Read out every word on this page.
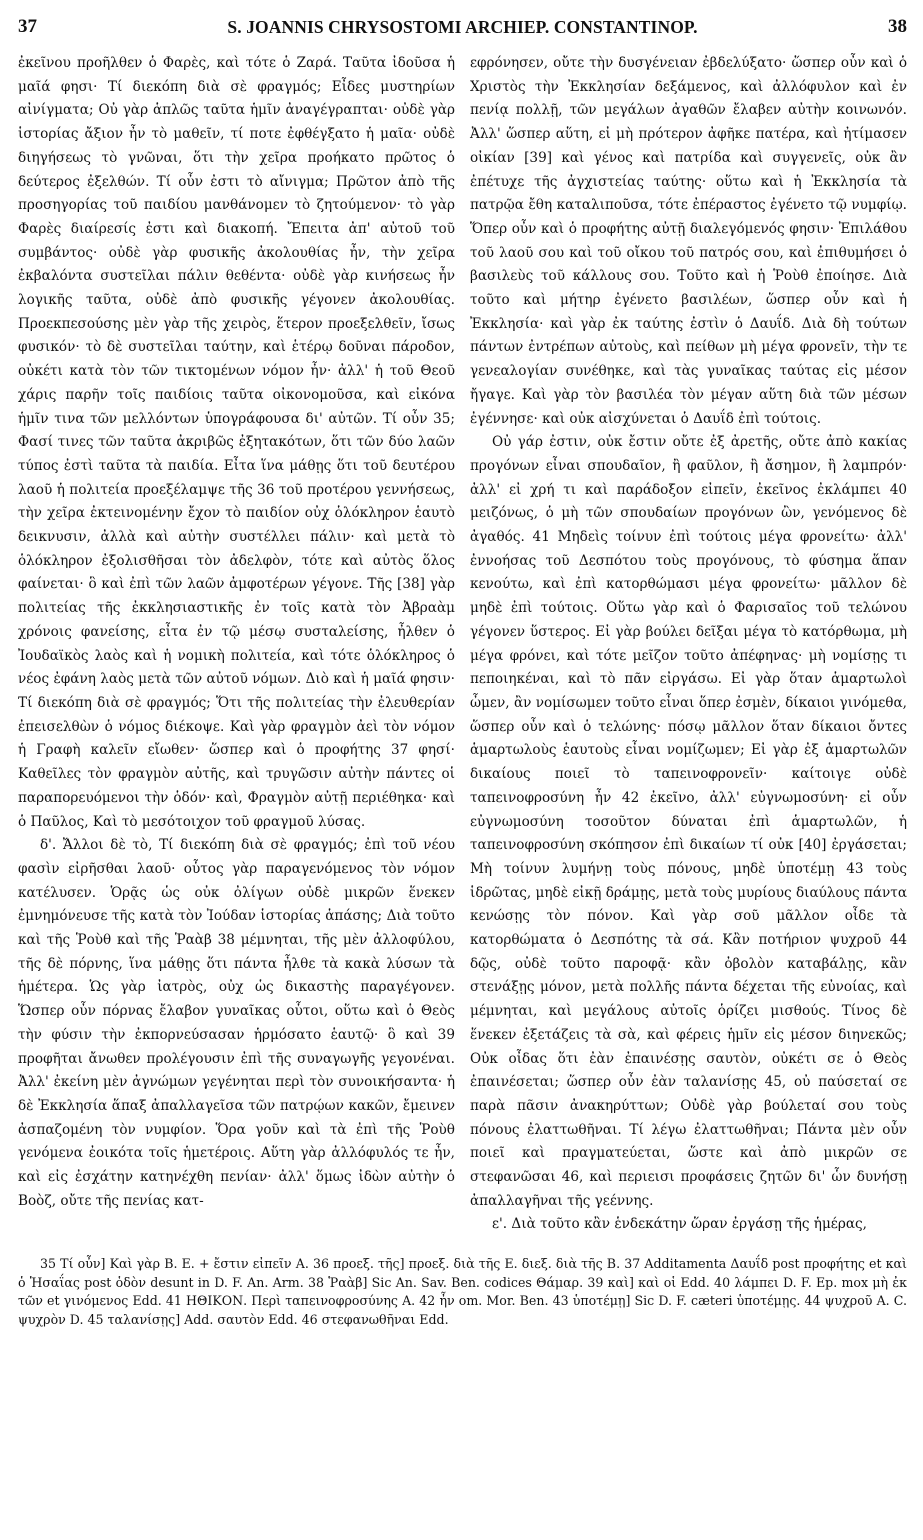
37	S. JOANNIS CHRYSOSTOMI ARCHIEP. CONSTANTINOP.	38

ἐκεῖνου προῆλθεν ὁ Φαρὲς, καὶ τότε ὁ Ζαρά. Ταῦτα ἰδοῦσα ἡ μαῖά φησι· Τί διεκόπη διὰ σὲ φραγμός; Εἶδες μυστηρίων αἰνίγματα; Οὐ γὰρ ἁπλῶς ταῦτα ἡμῖν ἀναγέγραπται· οὐδὲ γὰρ ἱστορίας ἄξιον ἦν τὸ μαθεῖν, τί ποτε ἐφθέγξατο ἡ μαῖα· οὐδὲ διηγήσεως τὸ γνῶναι, ὅτι τὴν χεῖρα προήκατο πρῶτος ὁ δεύτερος ἐξελθών. Τί οὖν ἐστι τὸ αἴνιγμα; Πρῶτον ἀπὸ τῆς προσηγορίας τοῦ παιδίου μανθάνομεν τὸ ζητούμενον· τὸ γὰρ Φαρὲς διαίρεσίς ἐστι καὶ διακοπή. Ἔπειτα ἀπ' αὐτοῦ τοῦ συμβάντος· οὐδὲ γὰρ φυσικῆς ἀκολουθίας ἦν, τὴν χεῖρα ἐκβαλόντα συστεῖλαι πάλιν θεθέντα· οὐδὲ γὰρ κινήσεως ἦν λογικῆς ταῦτα, οὐδὲ ἀπὸ φυσικῆς γέγονεν ἀκολουθίας. Προεκπεσούσης μὲν γὰρ τῆς χειρὸς, ἕτερον προεξελθεῖν, ἴσως φυσικόν· τὸ δὲ συστεῖλαι ταύτην, καὶ ἑτέρῳ δοῦναι πάροδον, οὐκέτι κατὰ τὸν τῶν τικτομένων νόμον ἦν· ἀλλ' ἡ τοῦ Θεοῦ χάρις παρῆν τοῖς παιδίοις ταῦτα οἰκονομοῦσα, καὶ εἰκόνα ἡμῖν τινα τῶν μελλόντων ὑπογράφουσα δι' αὐτῶν. Τί οὖν 35; Φασί τινες τῶν ταῦτα ἀκριβῶς ἐξητακότων, ὅτι τῶν δύο λαῶν τύπος ἐστὶ ταῦτα τὰ παιδία. Εἶτα ἵνα μάθῃς ὅτι τοῦ δευτέρου λαοῦ ἡ πολιτεία προεξέλαμψε τῆς 36 τοῦ προτέρου γεννήσεως, τὴν χεῖρα ἐκτεινομένην ἔχον τὸ παιδίον οὐχ ὁλόκληρον ἑαυτὸ δεικνυσιν, ἀλλὰ καὶ αὐτὴν συστέλλει πάλιν· καὶ μετὰ τὸ ὁλόκληρον ἐξολισθῆσαι τὸν ἀδελφὸν, τότε καὶ αὐτὸς ὅλος φαίνεται· ὃ καὶ ἐπὶ τῶν λαῶν ἀμφοτέρων γέγονε. Τῆς [38] γὰρ πολιτείας τῆς ἐκκλησιαστικῆς ἐν τοῖς κατὰ τὸν Ἀβραὰμ χρόνοις φανείσης, εἶτα ἐν τῷ μέσῳ συσταλείσης, ἦλθεν ὁ Ἰουδαϊκὸς λαὸς καὶ ἡ νομικὴ πολιτεία, καὶ τότε ὁλόκληρος ὁ νέος ἐφάνη λαὸς μετὰ τῶν αὐτοῦ νόμων. Διὸ καὶ ἡ μαῖά φησιν· Τί διεκόπη διὰ σὲ φραγμός; Ὅτι τῆς πολιτείας τὴν ἐλευθερίαν ἐπεισελθὼν ὁ νόμος διέκοψε. Καὶ γὰρ φραγμὸν ἀεὶ τὸν νόμον ἡ Γραφὴ καλεῖν εἴωθεν· ὥσπερ καὶ ὁ προφήτης 37 φησί· Καθεῖλες τὸν φραγμὸν αὐτῆς, καὶ τρυγῶσιν αὐτὴν πάντες οἱ παραπορευόμενοι τὴν ὁδόν· καὶ, Φραγμὸν αὐτῇ περιέθηκα· καὶ ὁ Παῦλος, Καὶ τὸ μεσότοιχον τοῦ φραγμοῦ λύσας.

δ'. Ἄλλοι δὲ τὸ, Τί διεκόπη διὰ σὲ φραγμός; ἐπὶ τοῦ νέου φασὶν εἰρῆσθαι λαοῦ· οὗτος γὰρ παραγενόμενος τὸν νόμον κατέλυσεν. Ὁρᾷς ὡς οὐκ ὀλίγων οὐδὲ μικρῶν ἕνεκεν ἐμνημόνευσε τῆς κατὰ τὸν Ἰούδαν ἱστορίας ἁπάσης; Διὰ τοῦτο καὶ τῆς Ῥοὺθ καὶ τῆς Ῥαὰβ 38 μέμνηται, τῆς μὲν ἀλλοφύλου, τῆς δὲ πόρνης, ἵνα μάθῃς ὅτι πάντα ἦλθε τὰ κακὰ λύσων τὰ ἡμέτερα. Ὡς γὰρ ἰατρὸς, οὐχ ὡς δικαστὴς παραγέγονεν. Ὥσπερ οὖν πόρνας ἔλαβον γυναῖκας οὗτοι, οὕτω καὶ ὁ Θεὸς τὴν φύσιν τὴν ἐκπορνεύσασαν ἡρμόσατο ἑαυτῷ· ὃ καὶ 39 προφῆται ἄνωθεν προλέγουσιν ἐπὶ τῆς συναγωγῆς γεγονέναι. Ἀλλ' ἐκείνη μὲν ἀγνώμων γεγένηται περὶ τὸν συνοικήσαντα· ἡ δὲ Ἐκκλησία ἅπαξ ἀπαλλαγεῖσα τῶν πατρῴων κακῶν, ἔμεινεν ἀσπαζομένη τὸν νυμφίον. Ὅρα γοῦν καὶ τὰ ἐπὶ τῆς Ῥοὺθ γενόμενα ἐοικότα τοῖς ἡμετέροις. Αὕτη γὰρ ἀλλόφυλός τε ἦν, καὶ εἰς ἐσχάτην κατηνέχθη πενίαν· ἀλλ' ὅμως ἰδὼν αὐτὴν ὁ Βοὸζ, οὔτε τῆς πενίας κατ-

εφρόνησεν, οὔτε τὴν δυσγένειαν ἐβδελύξατο· ὥσπερ οὖν καὶ ὁ Χριστὸς τὴν Ἐκκλησίαν δεξάμενος, καὶ ἀλλόφυλον καὶ ἐν πενίᾳ πολλῇ, τῶν μεγάλων ἀγαθῶν ἔλαβεν αὐτὴν κοινωνόν. Ἀλλ' ὥσπερ αὕτη, εἰ μὴ πρότερον ἀφῆκε πατέρα, καὶ ἠτίμασεν οἰκίαν [39] καὶ γένος καὶ πατρίδα καὶ συγγενεῖς, οὐκ ἂν ἐπέτυχε τῆς ἀγχιστείας ταύτης· οὕτω καὶ ἡ Ἐκκλησία τὰ πατρῷα ἔθη καταλιποῦσα, τότε ἐπέραστος ἐγένετο τῷ νυμφίῳ. Ὅπερ οὖν καὶ ὁ προφήτης αὐτῇ διαλεγόμενός φησιν· Ἐπιλάθου τοῦ λαοῦ σου καὶ τοῦ οἴκου τοῦ πατρός σου, καὶ ἐπιθυμήσει ὁ βασιλεὺς τοῦ κάλλους σου. Τοῦτο καὶ ἡ Ῥοὺθ ἐποίησε. Διὰ τοῦτο καὶ μήτηρ ἐγένετο βασιλέων, ὥσπερ οὖν καὶ ἡ Ἐκκλησία· καὶ γὰρ ἐκ ταύτης ἐστὶν ὁ Δαυΐδ. Διὰ δὴ τούτων πάντων ἐντρέπων αὐτοὺς, καὶ πείθων μὴ μέγα φρονεῖν, τὴν τε γενεαλογίαν συνέθηκε, καὶ τὰς γυναῖκας ταύτας εἰς μέσον ἤγαγε. Καὶ γὰρ τὸν βασιλέα τὸν μέγαν αὕτη διὰ τῶν μέσων ἐγέννησε· καὶ οὐκ αἰσχύνεται ὁ Δαυΐδ ἐπὶ τούτοις.

Οὐ γάρ ἐστιν, οὐκ ἔστιν οὔτε ἐξ ἀρετῆς, οὔτε ἀπὸ κακίας προγόνων εἶναι σπουδαῖον, ἢ φαῦλον, ἢ ἄσημον, ἢ λαμπρόν· ἀλλ' εἰ χρή τι καὶ παράδοξον εἰπεῖν, ἐκεῖνος ἐκλάμπει 40 μειζόνως, ὁ μὴ τῶν σπουδαίων προγόνων ὢν, γενόμενος δὲ ἀγαθός. 41 Μηδεὶς τοίνυν ἐπὶ τούτοις μέγα φρονείτω· ἀλλ' ἐννοήσας τοῦ Δεσπότου τοὺς προγόνους, τὸ φύσημα ἅπαν κενούτω, καὶ ἐπὶ κατορθώμασι μέγα φρονείτω· μᾶλλον δὲ μηδὲ ἐπὶ τούτοις. Οὕτω γὰρ καὶ ὁ Φαρισαῖος τοῦ τελώνου γέγονεν ὕστερος. Εἰ γὰρ βούλει δεῖξαι μέγα τὸ κατόρθωμα, μὴ μέγα φρόνει, καὶ τότε μεῖζον τοῦτο ἀπέφηνας· μὴ νομίσῃς τι πεποιηκέναι, καὶ τὸ πᾶν εἰργάσω. Εἰ γὰρ ὅταν ἁμαρτωλοὶ ὦμεν, ἂν νομίσωμεν τοῦτο εἶναι ὅπερ ἐσμὲν, δίκαιοι γινόμεθα, ὥσπερ οὖν καὶ ὁ τελώνης· πόσῳ μᾶλλον ὅταν δίκαιοι ὄντες ἁμαρτωλοὺς ἑαυτοὺς εἶναι νομίζωμεν; Εἰ γὰρ ἐξ ἁμαρτωλῶν δικαίους ποιεῖ τὸ ταπεινοφρονεῖν· καίτοιγε οὐδὲ ταπεινοφροσύνη ἦν 42 ἐκεῖνο, ἀλλ' εὐγνωμοσύνη· εἰ οὖν εὐγνωμοσύνη τοσοῦτον δύναται ἐπὶ ἁμαρτωλῶν, ἡ ταπεινοφροσύνη σκόπησον ἐπὶ δικαίων τί οὐκ [40] ἐργάσεται; Μὴ τοίνυν λυμήνῃ τοὺς πόνους, μηδὲ ὑποτέμῃ 43 τοὺς ἱδρῶτας, μηδὲ εἰκῇ δράμῃς, μετὰ τοὺς μυρίους διαύλους πάντα κενώσῃς τὸν πόνον. Καὶ γὰρ σοῦ μᾶλλον οἶδε τὰ κατορθώματα ὁ Δεσπότης τὰ σά. Κἂν ποτήριον ψυχροῦ 44 δῷς, οὐδὲ τοῦτο παροφᾷ· κἂν ὀβολὸν καταβάλῃς, κἂν στενάξῃς μόνον, μετὰ πολλῆς πάντα δέχεται τῆς εὐνοίας, καὶ μέμνηται, καὶ μεγάλους αὐτοῖς ὁρίζει μισθούς. Τίνος δὲ ἕνεκεν ἐξετάζεις τὰ σὰ, καὶ φέρεις ἡμῖν εἰς μέσον διηνεκῶς; Οὐκ οἶδας ὅτι ἐὰν ἐπαινέσῃς σαυτὸν, οὐκέτι σε ὁ Θεὸς ἐπαινέσεται; ὥσπερ οὖν ἐὰν ταλανίσῃς 45, οὐ παύσεταί σε παρὰ πᾶσιν ἀνακηρύττων; Οὐδὲ γὰρ βούλεταί σου τοὺς πόνους ἐλαττωθῆναι. Τί λέγω ἐλαττωθῆναι; Πάντα μὲν οὖν ποιεῖ καὶ πραγματεύεται, ὥστε καὶ ἀπὸ μικρῶν σε στεφανῶσαι 46, καὶ περιεισι προφάσεις ζητῶν δι' ὧν δυνήσῃ ἀπαλλαγῆναι τῆς γεέννης.

ε'. Διὰ τοῦτο κἂν ἑνδεκάτην ὥραν ἐργάσῃ τῆς ἡμέρας,

35 Τί οὖν] Καὶ γὰρ B. E. + ἔστιν εἰπεῖν A. 36 προεξ. τῆς] προεξ. διὰ τῆς E. διεξ. διὰ τῆς B. 37 Additamenta Δαυΐδ post προφήτης et καὶ ὁ Ἡσαΐας post ὁδὸν desunt in D. F. An. Arm. 38 Ῥαὰβ] Sic An. Sav. Ben. codices Θάμαρ. 39 καὶ] καὶ οἱ Edd. 40 λάμπει D. F. Ep. mox μὴ ἐκ τῶν et γινόμενος Edd. 41 ΗΘΙΚΟΝ. Περὶ ταπεινοφροσύνης A. 42 ἦν om. Mor. Ben. 43 ὑποτέμῃ] Sic D. F. cæteri ὑποτέμῃς. 44 ψυχροῦ A. C. ψυχρὸν D. 45 ταλανίσῃς] Add. σαυτὸν Edd. 46 στεφανωθῆναι Edd.
